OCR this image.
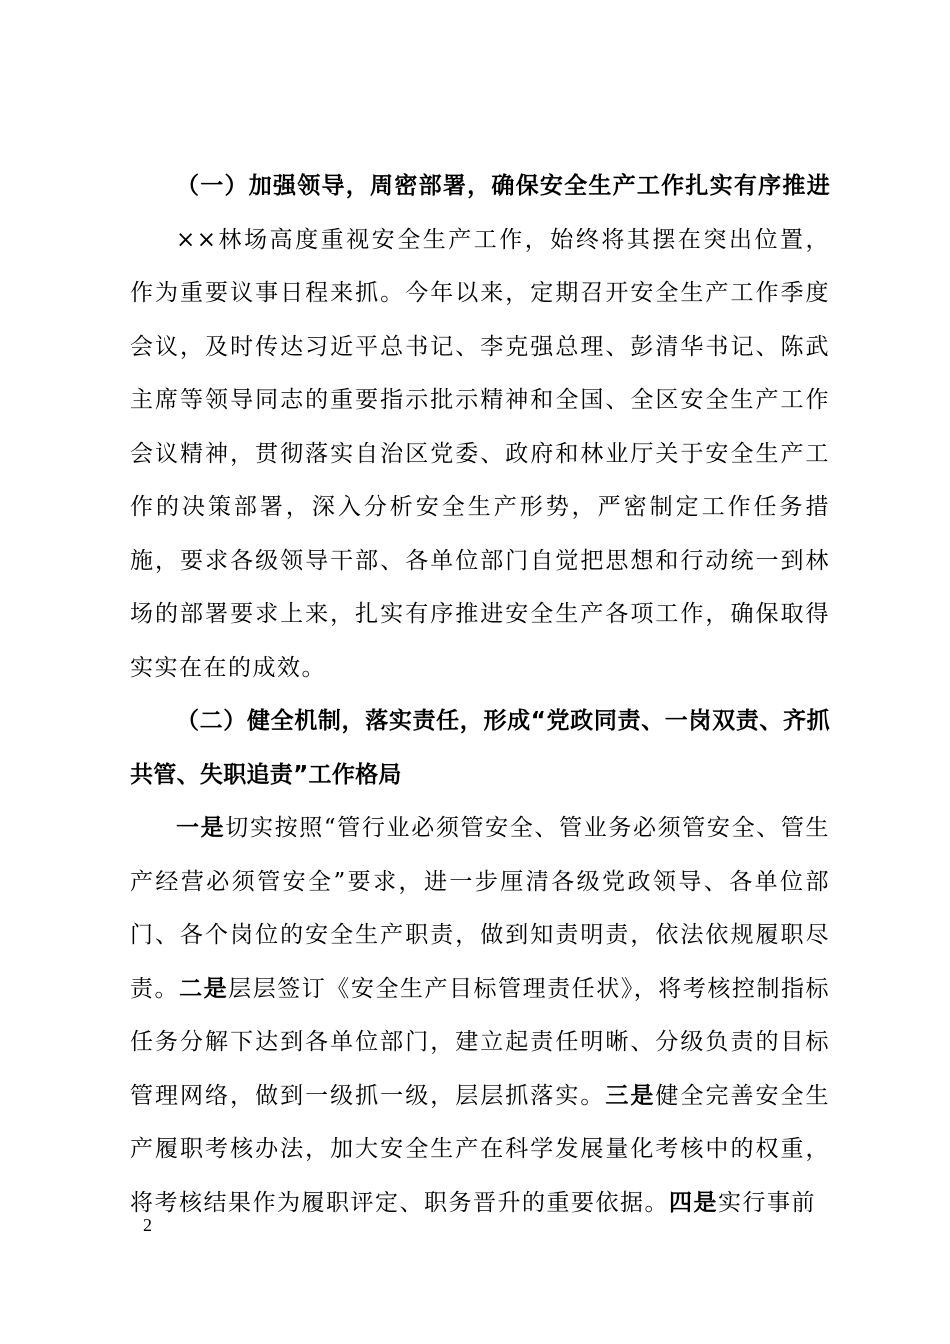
（一）加强领导，周密部署，确保安全生产工作扎实有序推进

××林场高度重视安全生产工作，始终将其摆在突出位置，作为重要议事日程来抓。今年以来，定期召开安全生产工作季度会议，及时传达习近平总书记、李克强总理、彭清华书记、陈武主席等领导同志的重要指示批示精神和全国、全区安全生产工作会议精神，贯彻落实自治区党委、政府和林业厅关于安全生产工作的决策部署，深入分析安全生产形势，严密制定工作任务措施，要求各级领导干部、各单位部门自觉把思想和行动统一到林场的部署要求上来，扎实有序推进安全生产各项工作，确保取得实实在在的成效。

（二）健全机制，落实责任，形成“党政同责、一岗双责、齐抓共管、失职追责”工作格局

一是切实按照“管行业必须管安全、管业务必须管安全、管生产经营必须管安全”要求，进一步厘清各级党政领导、各单位部门、各个岗位的安全生产职责，做到知责明责，依法依规履职尽责。二是层层签订《安全生产目标管理责任状》，将考核控制指标任务分解下达到各单位部门，建立起责任明晰、分级负责的目标管理网络，做到一级抓一级，层层抓落实。三是健全完善安全生产履职考核办法，加大安全生产在科学发展量化考核中的权重，将考核结果作为履职评定、职务晋升的重要依据。四是实行事前

2
